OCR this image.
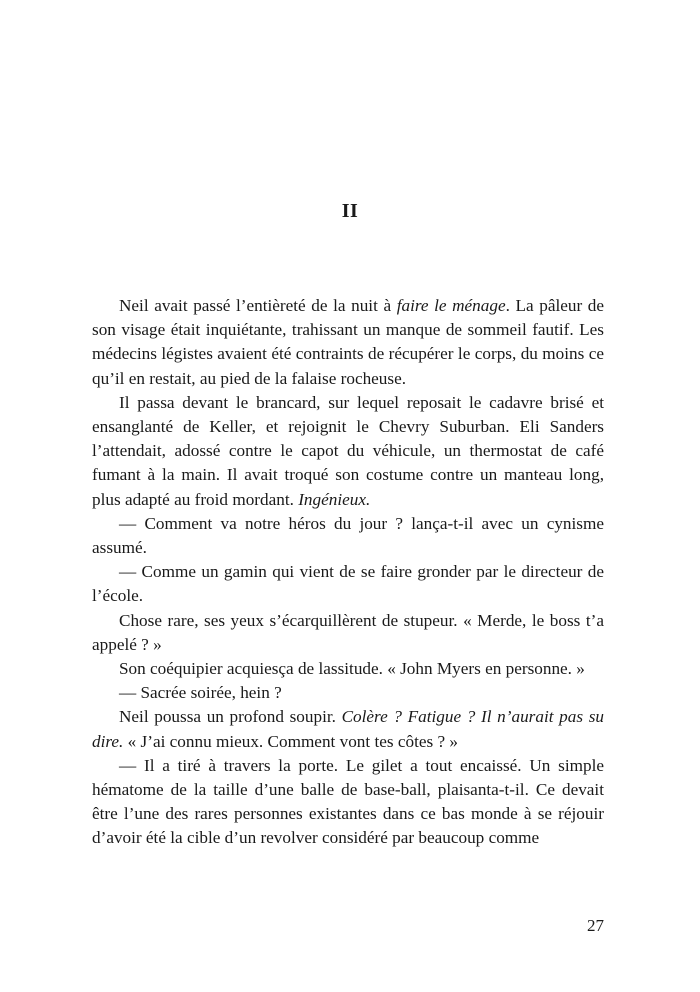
II

Neil avait passé l’entièreté de la nuit à faire le ménage. La pâleur de son visage était inquiétante, trahissant un manque de sommeil fautif. Les médecins légistes avaient été contraints de récupérer le corps, du moins ce qu’il en restait, au pied de la falaise rocheuse.

Il passa devant le brancard, sur lequel reposait le cadavre brisé et ensanglanté de Keller, et rejoignit le Chevry Suburban. Eli Sanders l’attendait, adossé contre le capot du véhicule, un thermostat de café fumant à la main. Il avait troqué son costume contre un manteau long, plus adapté au froid mordant. Ingénieux.

— Comment va notre héros du jour ? lança-t-il avec un cynisme assumé.

— Comme un gamin qui vient de se faire gronder par le directeur de l’école.

Chose rare, ses yeux s’écarquillèrent de stupeur. « Merde, le boss t’a appelé ? »

Son coéquipier acquiesça de lassitude. « John Myers en personne. »

— Sacrée soirée, hein ?

Neil poussa un profond soupir. Colère ? Fatigue ? Il n’aurait pas su dire. « J’ai connu mieux. Comment vont tes côtes ? »

— Il a tiré à travers la porte. Le gilet a tout encaissé. Un simple hématome de la taille d’une balle de base-ball, plaisanta-t-il. Ce devait être l’une des rares personnes existantes dans ce bas monde à se réjouir d’avoir été la cible d’un revolver considéré par beaucoup comme

27
